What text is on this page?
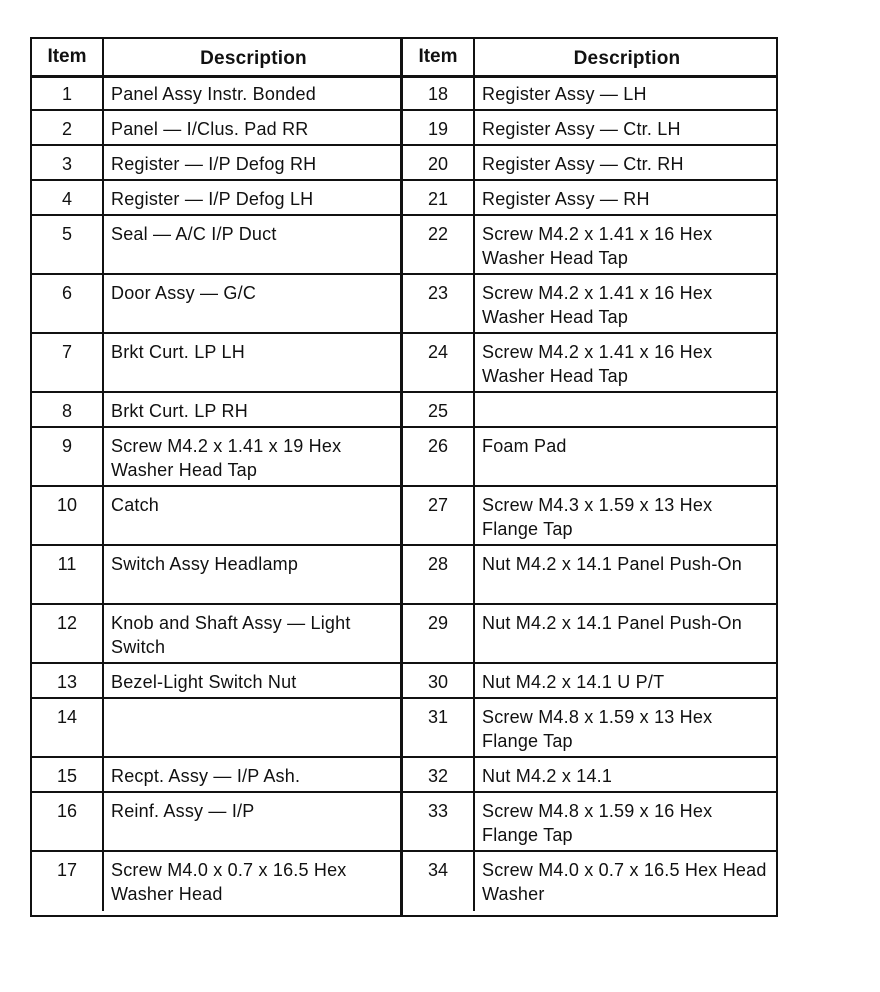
Item	Description
1	Panel Assy Instr. Bonded
2	Panel — I/Clus. Pad RR
3	Register — I/P Defog RH
4	Register — I/P Defog LH
5	Seal — A/C I/P Duct
6	Door Assy — G/C
7	Brkt Curt. LP LH
8	Brkt Curt. LP RH
9	Screw M4.2 x 1.41 x 19 Hex Washer Head Tap
10	Catch
11	Switch Assy Headlamp
12	Knob and Shaft Assy — Light Switch
13	Bezel-Light Switch Nut
14
15	Recpt. Assy — I/P Ash.
16	Reinf. Assy — I/P
17	Screw M4.0 x 0.7 x 16.5 Hex Washer Head
Item	Description
18	Register Assy — LH
19	Register Assy — Ctr. LH
20	Register Assy — Ctr. RH
21	Register Assy — RH
22	Screw M4.2 x 1.41 x 16 Hex Washer Head Tap
23	Screw M4.2 x 1.41 x 16 Hex Washer Head Tap
24	Screw M4.2 x 1.41 x 16 Hex Washer Head Tap
25
26	Foam Pad
27	Screw M4.3 x 1.59 x 13 Hex Flange Tap
28	Nut M4.2 x 14.1 Panel Push-On
29	Nut M4.2 x 14.1 Panel Push-On
30	Nut M4.2 x 14.1 U P/T
31	Screw M4.8 x 1.59 x 13 Hex Flange Tap
32	Nut M4.2 x 14.1
33	Screw M4.8 x 1.59 x 16 Hex Flange Tap
34	Screw M4.0 x 0.7 x 16.5 Hex Head Washer
